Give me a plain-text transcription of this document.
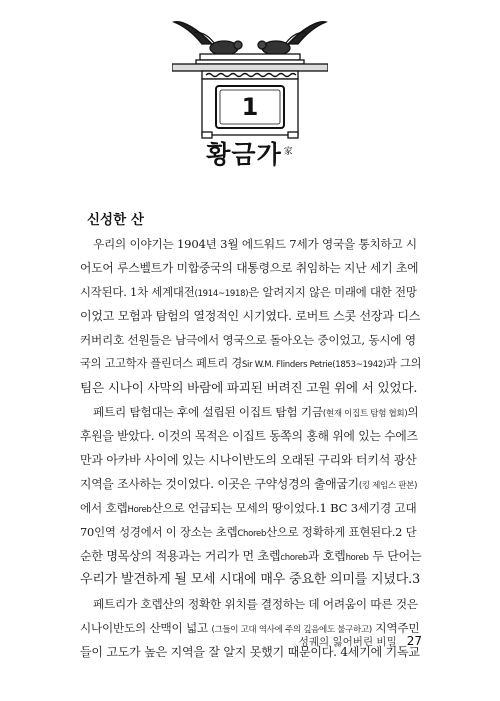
1
황금가 $^家$
신성한 산
우리의 이야기는 1904년 3월 에드워드 7세가 영국을 통치하고 시
어도어 루스벨트가 미합중국의 대통령으로 취임하는 지난 세기 초에
시작된다. 1차 세계대전(1914~1918)은 알려지지 않은 미래에 대한 전망
이었고 모험과 탐험의 열정적인 시기였다. 로버트 스콧 선장과 디스
커버리호 선원들은 남극에서 영국으로 돌아오는 중이었고, 동시에 영
국의 고고학자 플린더스 페트리 경Sir W.M. Flinders Petrie(1853~1942)과 그의
팀은 시나이 사막의 바람에 파괴된 버려진 고원 위에 서 있었다.
페트리 탐험대는 후에 설립된 이집트 탐험 기금(현재 이집트 탐험 협회)의
후원을 받았다. 이것의 목적은 이집트 동쪽의 홍해 위에 있는 수에즈
만과 아카바 사이에 있는 시나이반도의 오래된 구리와 터키석 광산
지역을 조사하는 것이었다. 이곳은 구약성경의 출애굽기(킹 제임스 판본)
에서 호렙Horeb산으로 언급되는 모세의 땅이었다.1 BC 3세기경 고대
70인역 성경에서 이 장소는 초렙Choreb산으로 정확하게 표현된다.2 단
순한 명목상의 적용과는 거리가 먼 초렙choreb과 호렙horeb 두 단어는
우리가 발견하게 될 모세 시대에 매우 중요한 의미를 지녔다.3
페트리가 호렙산의 정확한 위치를 결정하는 데 어려움이 따른 것은
시나이반도의 산맥이 넓고 (그들이 고대 역사에 주의 깊음에도 불구하고) 지역주민
들이 고도가 높은 지역을 잘 알지 못했기 때문이다. 4세기에 기독교
성궤의 잃어버린 비밀 27
